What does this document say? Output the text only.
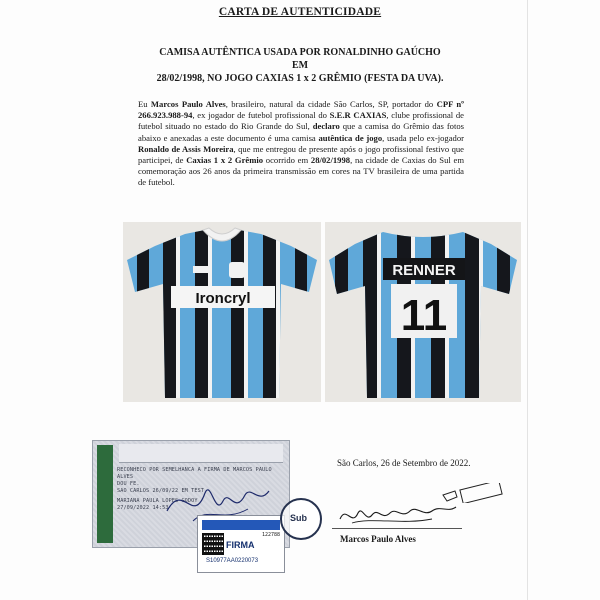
CARTA DE AUTENTICIDADE
CAMISA AUTÊNTICA USADA POR RONALDINHO GAÚCHO EM
28/02/1998, NO JOGO CAXIAS 1 x 2 GRÊMIO (FESTA DA UVA).
Eu Marcos Paulo Alves, brasileiro, natural da cidade São Carlos, SP, portador do CPF nº 266.923.988-94, ex jogador de futebol profissional do S.E.R CAXIAS, clube profissional de futebol situado no estado do Rio Grande do Sul, declaro que a camisa do Grêmio das fotos abaixo e anexadas a este documento é uma camisa autêntica de jogo, usada pelo ex-jogador Ronaldo de Assis Moreira, que me entregou de presente após o jogo profissional festivo que participei, de Caxias 1 x 2 Grêmio ocorrido em 28/02/1998, na cidade de Caxias do Sul em comemoração aos 26 anos da primeira transmissão em cores na TV brasileira de uma partida de futebol.
Ironcryl
RENNER
11
RECONHECO POR SEMELHANCA A FIRMA DE MARCOS PAULO
ALVES
DOU FE.
SAO CARLOS 26/09/22 EM TEST
MARIANA PAULA LOPES GODOY
27/09/2022 14:53
122788
FIRMA
S10977AA0220073
Sub
São Carlos, 26 de Setembro de 2022.
Marcos Paulo Alves
